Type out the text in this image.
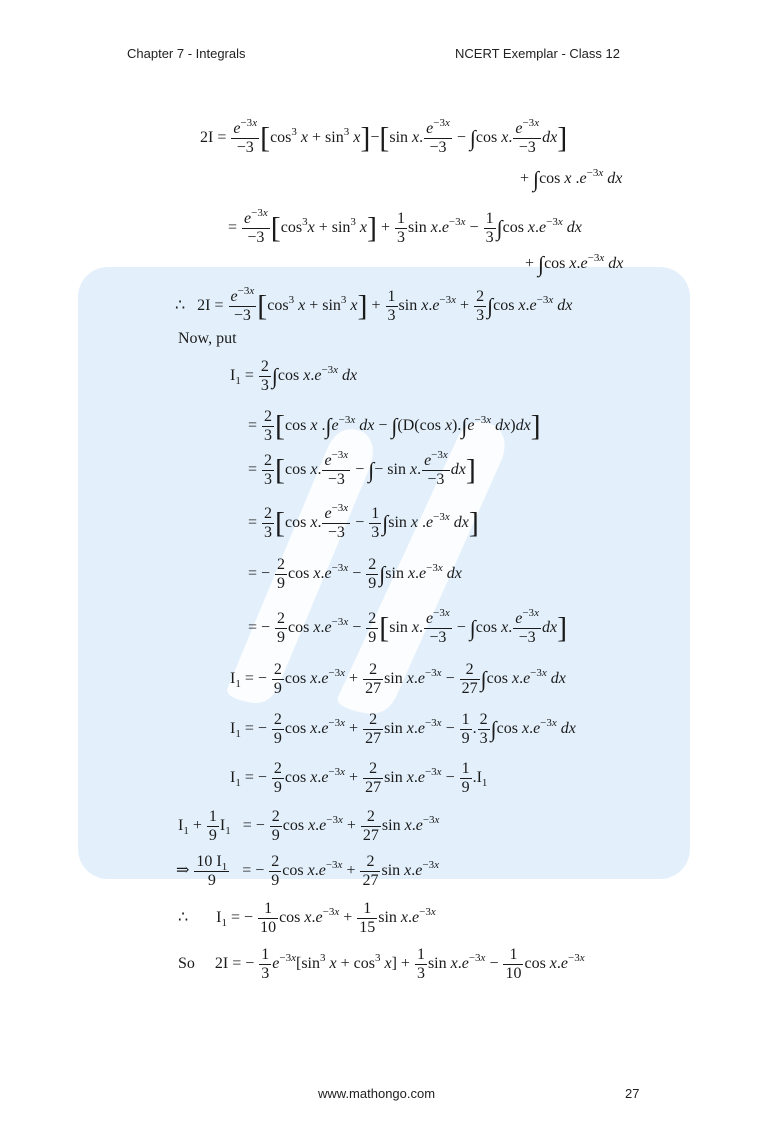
Chapter 7 - Integrals	NCERT Exemplar - Class 12
$2I = \frac{e^{-3x}}{-3} [\cos^3$ $x + \sin^3 x]-[\sin$ x. $\frac{e^{-3x}}{-3} - \int\cos$ x. $\frac{e^{-3x}}{-3} dx$]
+ ∫cos x $.e^{-3x}$ dx
= $\frac{e^{-3x}}{-3} [\cos^3x + \sin^3 x] + \frac{1}{3}$ $\sin x.e^{-3x} - \frac{1}{3} \int\cos$ $x.e^{-3x}$ dx
+ ∫cos $x.e^{-3x}$ dx
∴   $2I = \frac{e^{-3x}}{-3} [\cos^3$ $x + \sin^3 x] + \frac{1}{3}$ $\sin x.e^{-3x} + \frac{2}{3} \int\cos$ $x.e^{-3x}$ dx
Now, put
$I_1 = \frac{2}{3} \int\cos$ $x.e^{-3x}$ dx
= $\frac{2}{3} [\cos$ x $.\int e^{-3x}$ dx − ∫(D(cos $x).\int e^{-3x}$ dx)dx]
= $\frac{2}{3} [\cos$ x. $\frac{e^{-3x}}{-3}$ − ∫− sin x. $\frac{e^{-3x}}{-3} dx$]
= $\frac{2}{3} [\cos$ x. $\frac{e^{-3x}}{-3} - \frac{1}{3} \int\sin$ x $.e^{-3x}$ dx]
= − $\frac{2}{9}$ $\cos x.e^{-3x} - \frac{2}{9} \int\sin$ $x.e^{-3x}$ dx
= − $\frac{2}{9}$ $\cos x.e^{-3x} - \frac{2}{9} [\sin$ x. $\frac{e^{-3x}}{-3} - \int\cos$ x. $\frac{e^{-3x}}{-3} dx$]
$I_1$ = − $\frac{2}{9}$ $\cos x.e^{-3x} + \frac{2}{27}$ $\sin x.e^{-3x} - \frac{2}{27} \int\cos$ $x.e^{-3x}$ dx
$I_1$ = − $\frac{2}{9}$ $\cos x.e^{-3x} + \frac{2}{27}$ $\sin x.e^{-3x} - \frac{1}{9}$ . $\frac{2}{3} \int\cos$ $x.e^{-3x}$ dx
$I_1$ = − $\frac{2}{9}$ $\cos x.e^{-3x} + \frac{2}{27}$ $\sin x.e^{-3x} - \frac{1}{9} .I_1$
$I_1 + \frac{1}{9} I_1$   = − $\frac{2}{9}$ $\cos x.e^{-3x} + \frac{2}{27}$ $\sin x.e^{-3x}$
⇒ $\frac{10 I_1}{9}$ = − $\frac{2}{9}$ $\cos x.e^{-3x} + \frac{2}{27}$ $\sin x.e^{-3x}$
∴       $I_1$ = − $\frac{1}{10}$ $\cos x.e^{-3x} + \frac{1}{15}$ $\sin x.e^{-3x}$
So     2I = − $\frac{1}{3} e^{-3x}[\sin^3$ $x + \cos^3 x] + \frac{1}{3}$ $\sin x.e^{-3x} - \frac{1}{10}$ $\cos x.e^{-3x}$
www.mathongo.com	27
